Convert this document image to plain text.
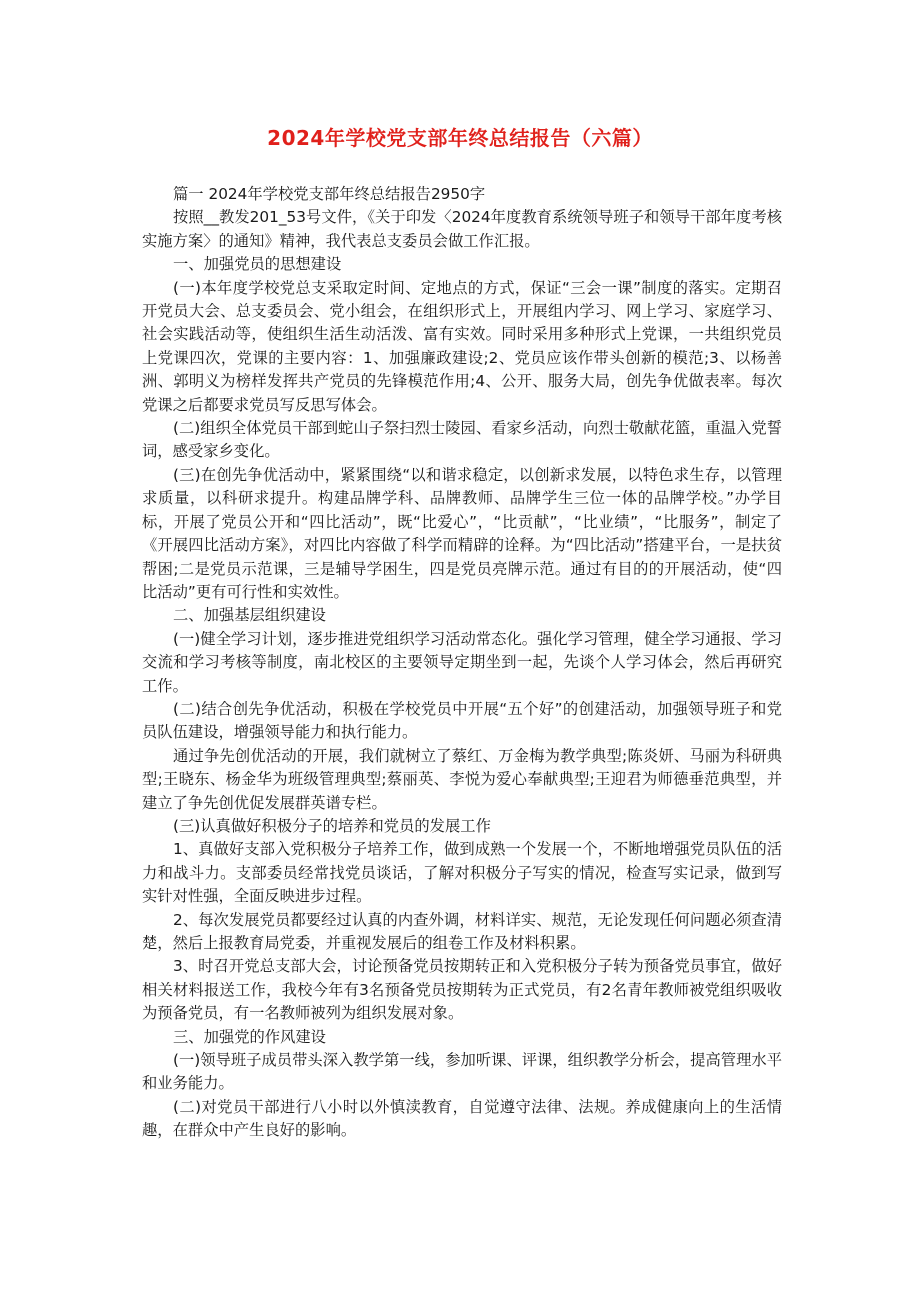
2024年学校党支部年终总结报告（六篇）

篇一 2024年学校党支部年终总结报告2950字

按照__教发201_53号文件，《关于印发〈2024年度教育系统领导班子和领导干部年度考核实施方案〉的通知》精神，我代表总支委员会做工作汇报。

一、加强党员的思想建设

(一)本年度学校党总支采取定时间、定地点的方式，保证“三会一课”制度的落实。定期召开党员大会、总支委员会、党小组会，在组织形式上，开展组内学习、网上学习、家庭学习、社会实践活动等，使组织生活生动活泼、富有实效。同时采用多种形式上党课，一共组织党员上党课四次，党课的主要内容：1、加强廉政建设;2、党员应该作带头创新的模范;3、以杨善洲、郭明义为榜样发挥共产党员的先锋模范作用;4、公开、服务大局，创先争优做表率。每次党课之后都要求党员写反思写体会。

(二)组织全体党员干部到蛇山子祭扫烈士陵园、看家乡活动，向烈士敬献花篮，重温入党誓词，感受家乡变化。

(三)在创先争优活动中，紧紧围绕“以和谐求稳定，以创新求发展，以特色求生存，以管理求质量，以科研求提升。构建品牌学科、品牌教师、品牌学生三位一体的品牌学校。”办学目标，开展了党员公开和“四比活动”，既“比爱心”，“比贡献”，“比业绩”，“比服务”，制定了《开展四比活动方案》，对四比内容做了科学而精辟的诠释。为“四比活动”搭建平台，一是扶贫帮困;二是党员示范课，三是辅导学困生，四是党员亮牌示范。通过有目的的开展活动，使“四比活动”更有可行性和实效性。

二、加强基层组织建设

(一)健全学习计划，逐步推进党组织学习活动常态化。强化学习管理，健全学习通报、学习交流和学习考核等制度，南北校区的主要领导定期坐到一起，先谈个人学习体会，然后再研究工作。

(二)结合创先争优活动，积极在学校党员中开展“五个好”的创建活动，加强领导班子和党员队伍建设，增强领导能力和执行能力。

通过争先创优活动的开展，我们就树立了蔡红、万金梅为教学典型;陈炎妍、马丽为科研典型;王晓东、杨金华为班级管理典型;蔡丽英、李悦为爱心奉献典型;王迎君为师德垂范典型，并建立了争先创优促发展群英谱专栏。

(三)认真做好积极分子的培养和党员的发展工作

1、真做好支部入党积极分子培养工作，做到成熟一个发展一个，不断地增强党员队伍的活力和战斗力。支部委员经常找党员谈话，了解对积极分子写实的情况，检查写实记录，做到写实针对性强，全面反映进步过程。

2、每次发展党员都要经过认真的内查外调，材料详实、规范，无论发现任何问题必须查清楚，然后上报教育局党委，并重视发展后的组卷工作及材料积累。

3、时召开党总支部大会，讨论预备党员按期转正和入党积极分子转为预备党员事宜，做好相关材料报送工作，我校今年有3名预备党员按期转为正式党员，有2名青年教师被党组织吸收为预备党员，有一名教师被列为组织发展对象。

三、加强党的作风建设

(一)领导班子成员带头深入教学第一线，参加听课、评课，组织教学分析会，提高管理水平和业务能力。

(二)对党员干部进行八小时以外慎渎教育，自觉遵守法律、法规。养成健康向上的生活情趣，在群众中产生良好的影响。
